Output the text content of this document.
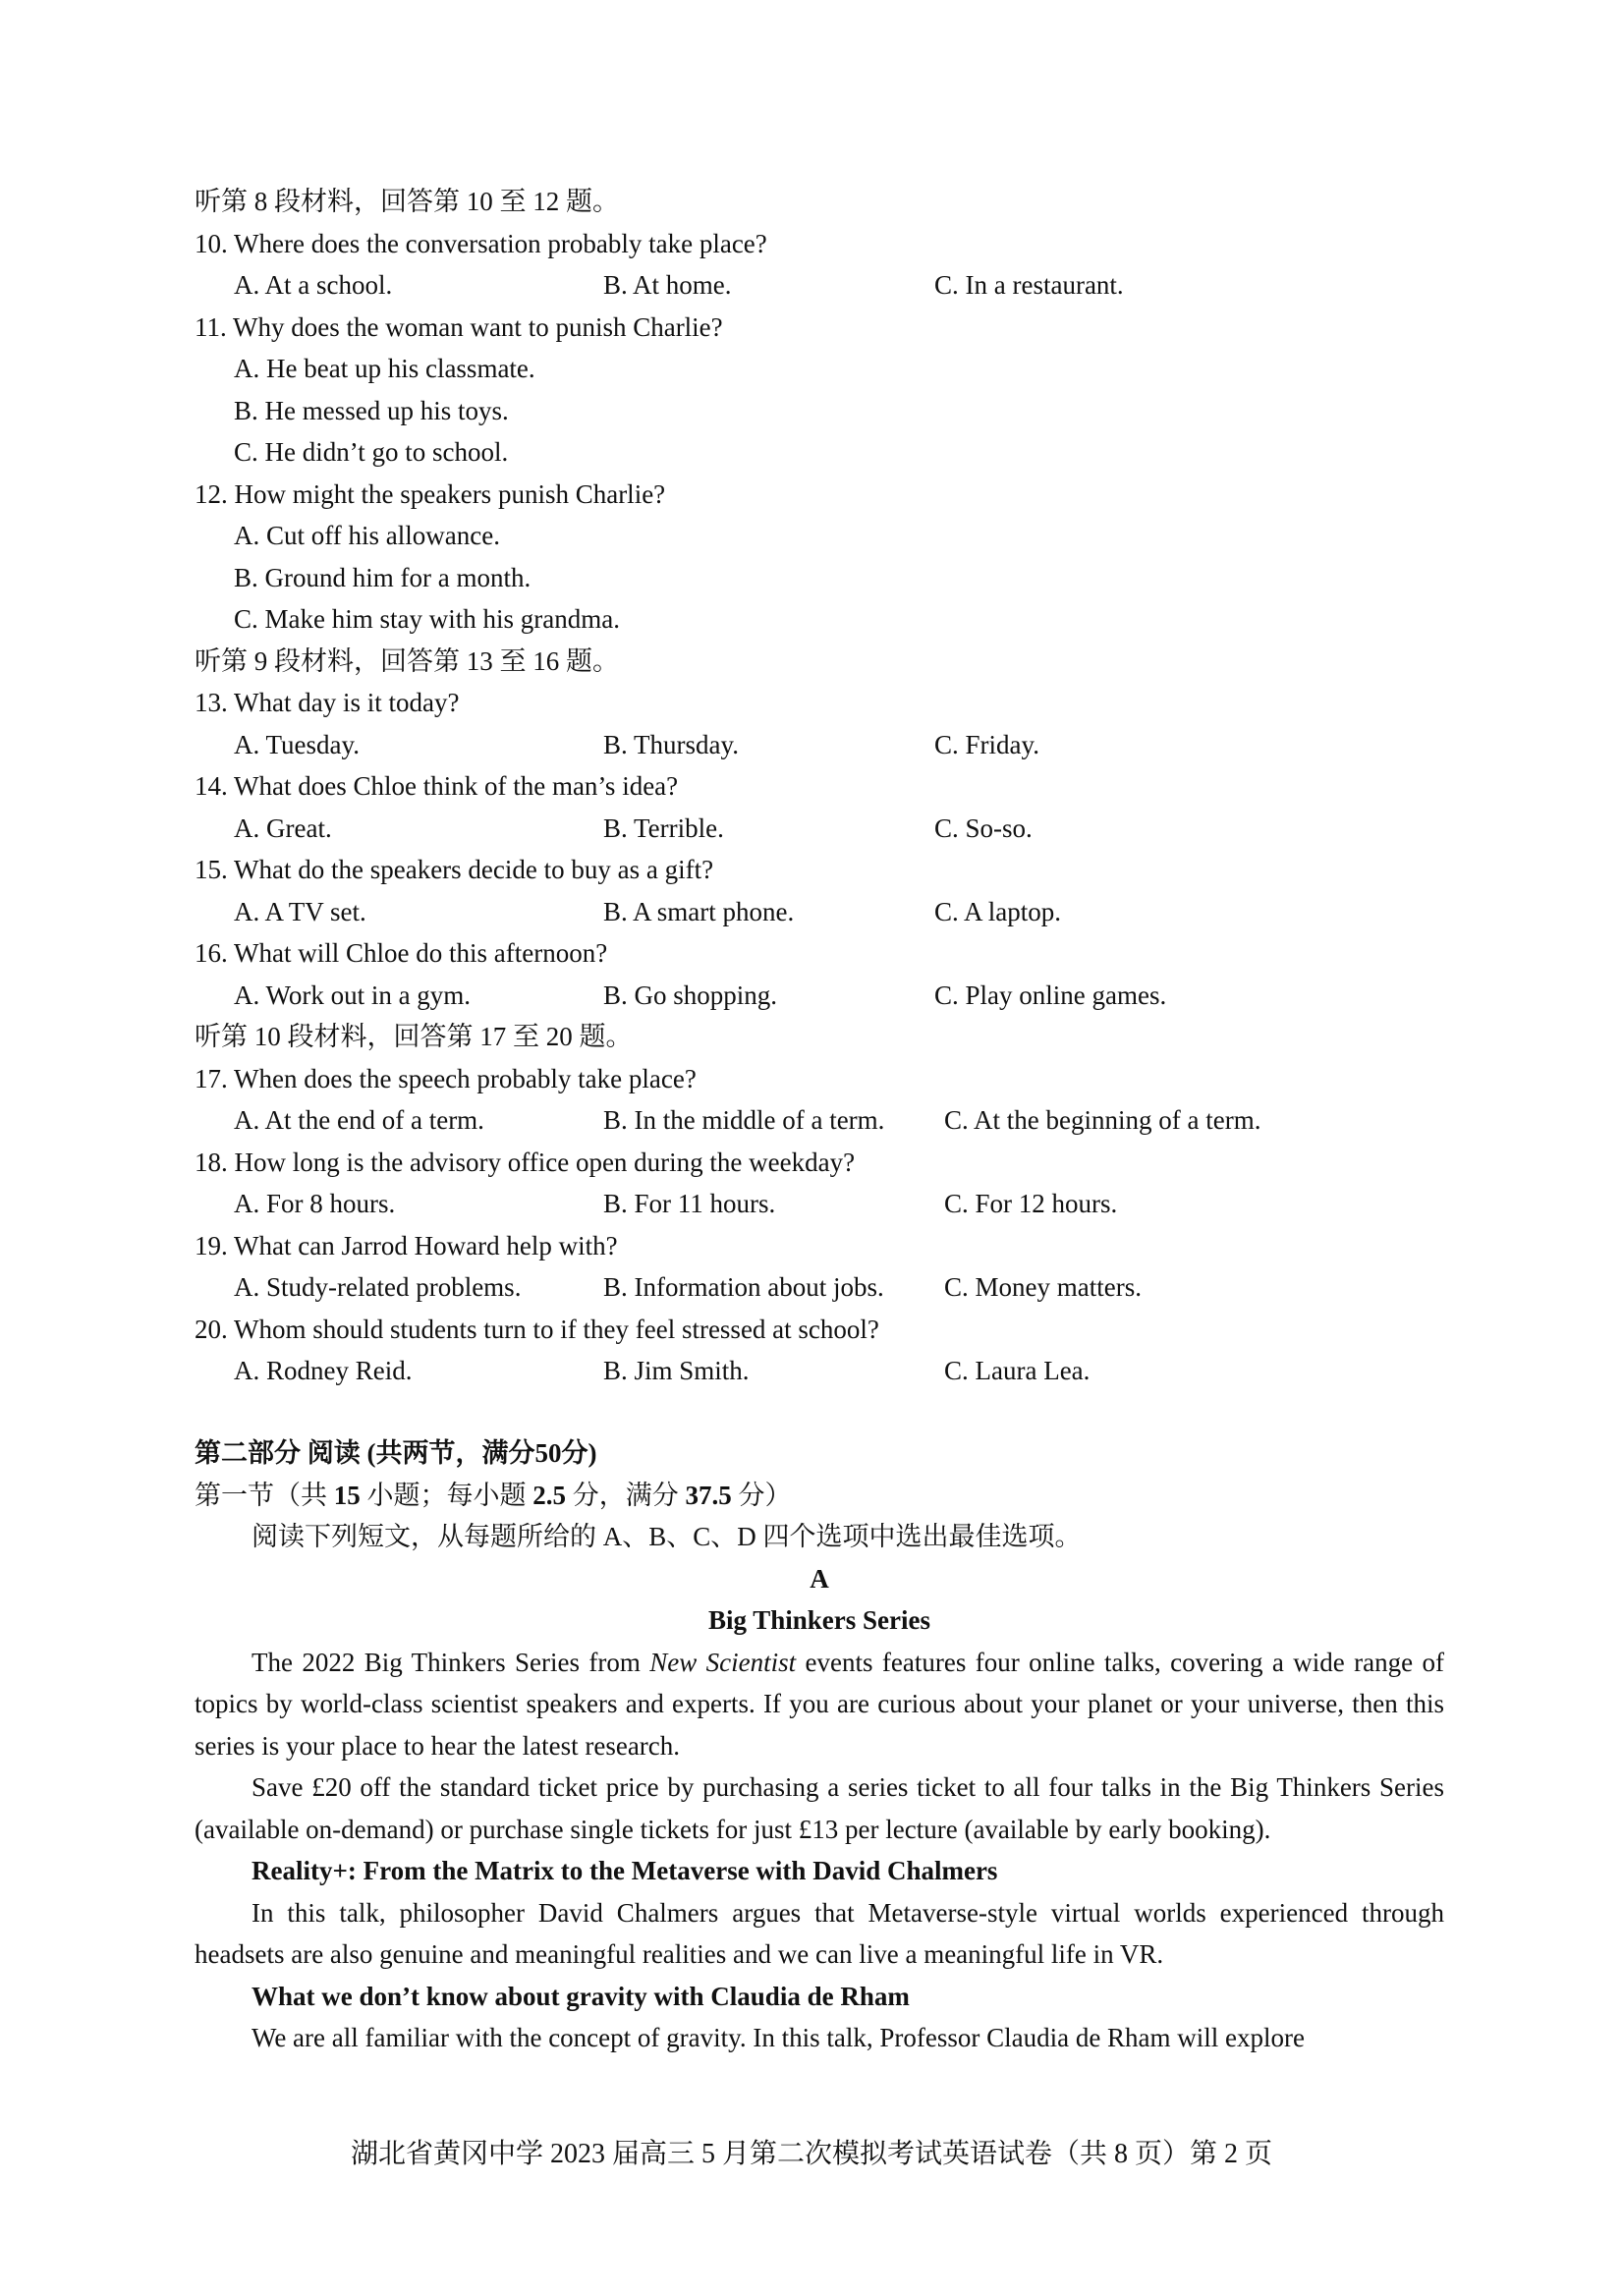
听第 8 段材料，回答第 10 至 12 题。
10. Where does the conversation probably take place?
A. At a school.	B. At home.	C. In a restaurant.
11. Why does the woman want to punish Charlie?
A. He beat up his classmate.
B. He messed up his toys.
C. He didn’t go to school.
12. How might the speakers punish Charlie?
A. Cut off his allowance.
B. Ground him for a month.
C. Make him stay with his grandma.
听第 9 段材料，回答第 13 至 16 题。
13. What day is it today?
A. Tuesday.	B. Thursday.	C. Friday.
14. What does Chloe think of the man’s idea?
A. Great.	B. Terrible.	C. So-so.
15. What do the speakers decide to buy as a gift?
A. A TV set.	B. A smart phone.	C. A laptop.
16. What will Chloe do this afternoon?
A. Work out in a gym.	B. Go shopping.	C. Play online games.
听第 10 段材料，回答第 17 至 20 题。
17. When does the speech probably take place?
A. At the end of a term.	B. In the middle of a term. C. At the beginning of a term.
18. How long is the advisory office open during the weekday?
A. For 8 hours.	B. For 11 hours.	C. For 12 hours.
19. What can Jarrod Howard help with?
A. Study-related problems.	B. Information about jobs. C. Money matters.
20. Whom should students turn to if they feel stressed at school?
A. Rodney Reid.	B. Jim Smith.	C. Laura Lea.
第二部分 阅读 (共两节，满分50分)
第一节（共 15 小题；每小题 2.5 分，满分 37.5 分）
阅读下列短文，从每题所给的 A、B、C、D 四个选项中选出最佳选项。
A
Big Thinkers Series

The 2022 Big Thinkers Series from New Scientist events features four online talks, covering a wide range of topics by world-class scientist speakers and experts. If you are curious about your planet or your universe, then this series is your place to hear the latest research.

Save £20 off the standard ticket price by purchasing a series ticket to all four talks in the Big Thinkers Series (available on-demand) or purchase single tickets for just £13 per lecture (available by early booking).

Reality+: From the Matrix to the Metaverse with David Chalmers

In this talk, philosopher David Chalmers argues that Metaverse-style virtual worlds experienced through headsets are also genuine and meaningful realities and we can live a meaningful life in VR.

What we don’t know about gravity with Claudia de Rham

We are all familiar with the concept of gravity. In this talk, Professor Claudia de Rham will explore

湖北省黄冈中学 2023 届高三 5 月第二次模拟考试英语试卷（共 8 页）第 2 页
